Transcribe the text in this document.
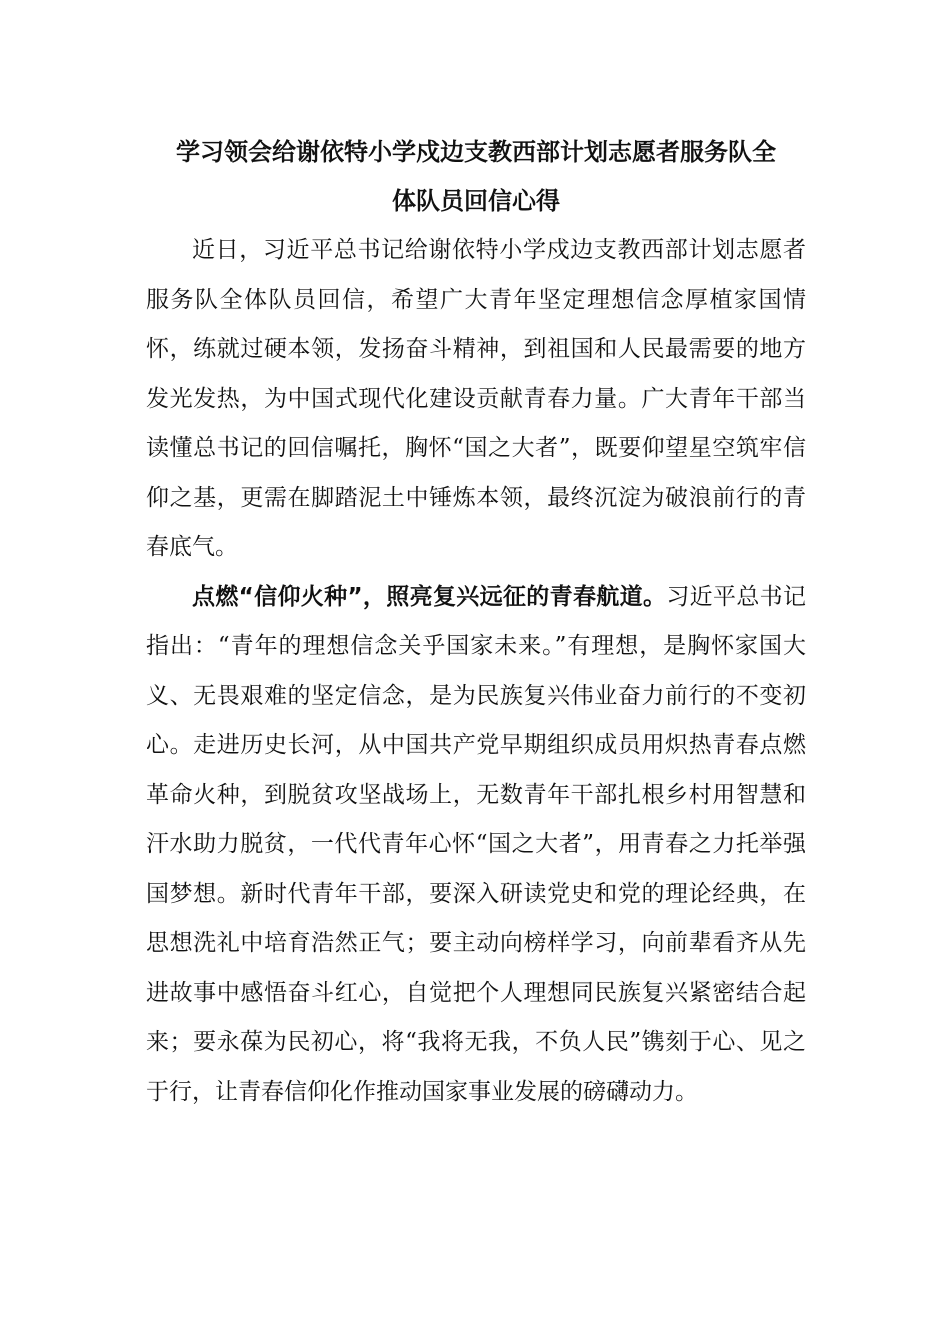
学习领会给谢依特小学戍边支教西部计划志愿者服务队全
体队员回信心得

近日，习近平总书记给谢依特小学戍边支教西部计划志愿者服务队全体队员回信，希望广大青年坚定理想信念厚植家国情怀，练就过硬本领，发扬奋斗精神，到祖国和人民最需要的地方发光发热，为中国式现代化建设贡献青春力量。广大青年干部当读懂总书记的回信嘱托，胸怀“国之大者”，既要仰望星空筑牢信仰之基，更需在脚踏泥土中锤炼本领，最终沉淀为破浪前行的青春底气。

点燃“信仰火种”，照亮复兴远征的青春航道。习近平总书记指出：“青年的理想信念关乎国家未来。”有理想，是胸怀家国大义、无畏艰难的坚定信念，是为民族复兴伟业奋力前行的不变初心。走进历史长河，从中国共产党早期组织成员用炽热青春点燃革命火种，到脱贫攻坚战场上，无数青年干部扎根乡村用智慧和汗水助力脱贫，一代代青年心怀“国之大者”，用青春之力托举强国梦想。新时代青年干部，要深入研读党史和党的理论经典，在思想洗礼中培育浩然正气；要主动向榜样学习，向前辈看齐从先进故事中感悟奋斗红心，自觉把个人理想同民族复兴紧密结合起来；要永葆为民初心，将“我将无我，不负人民”镌刻于心、见之于行，让青春信仰化作推动国家事业发展的磅礴动力。
